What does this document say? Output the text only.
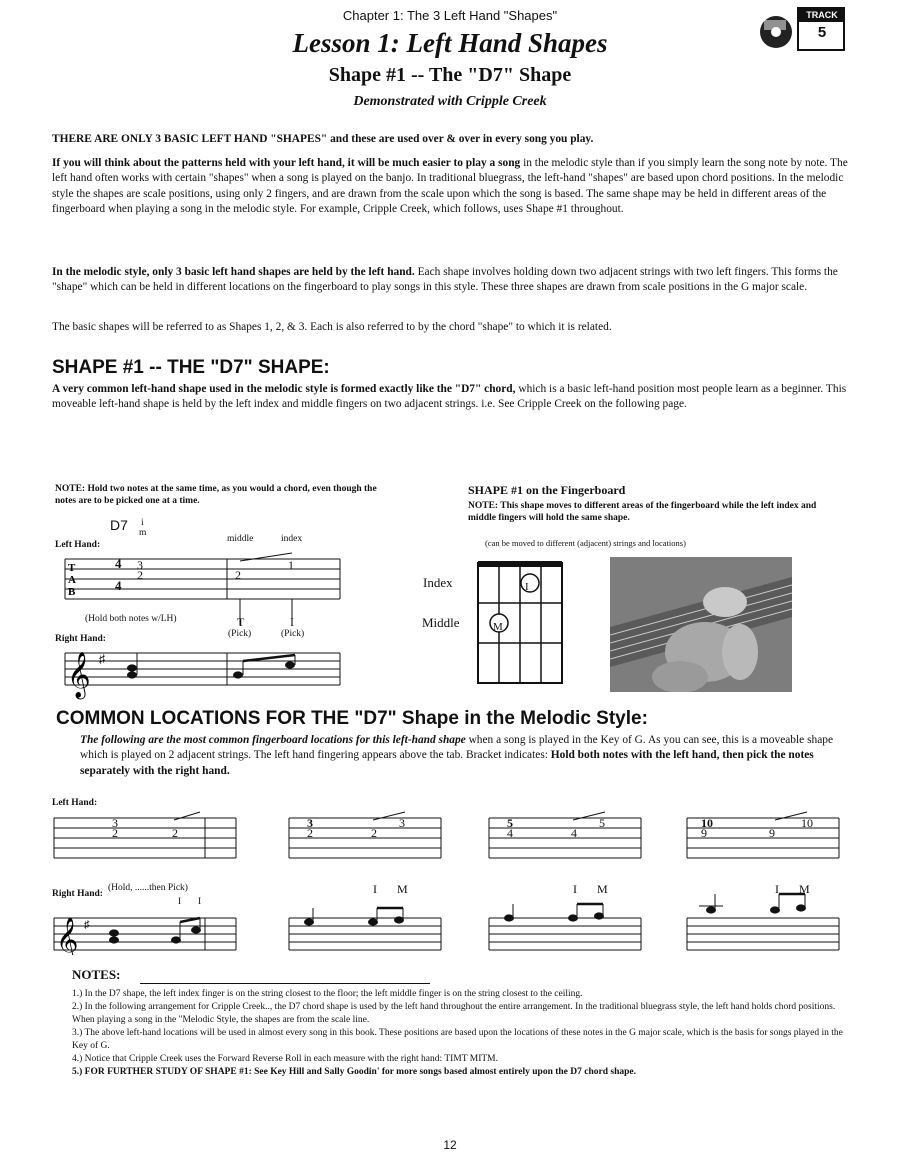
Chapter 1: The 3 Left Hand "Shapes"
Lesson 1: Left Hand Shapes
Shape #1 -- The "D7" Shape
Demonstrated with Cripple Creek
TRACK
5
THERE ARE ONLY 3 BASIC LEFT HAND "SHAPES" and these are used over & over in every song you play.
If you will think about the patterns held with your left hand, it will be much easier to play a song in the melodic style than if you simply learn the song note by note. The left hand often works with certain "shapes" when a song is played on the banjo. In traditional bluegrass, the left-hand "shapes" are based upon chord positions. In the melodic style the shapes are scale positions, using only 2 fingers, and are drawn from the scale upon which the song is based. The same shape may be held in different areas of the fingerboard when playing a song in the melodic style. For example, Cripple Creek, which follows, uses Shape #1 throughout.
In the melodic style, only 3 basic left hand shapes are held by the left hand. Each shape involves holding down two adjacent strings with two left fingers. This forms the "shape" which can be held in different locations on the fingerboard to play songs in this style. These three shapes are drawn from scale positions in the G major scale.
The basic shapes will be referred to as Shapes 1, 2, & 3. Each is also referred to by the chord "shape" to which it is related.
SHAPE #1 -- THE "D7" SHAPE:
A very common left-hand shape used in the melodic style is formed exactly like the "D7" chord, which is a basic left-hand position most people learn as a beginner. This moveable left-hand shape is held by the left index and middle fingers on two adjacent strings. i.e. See Cripple Creek on the following page.
NOTE: Hold two notes at the same time, as you would a chord, even though the notes are to be picked one at a time.
T
A
B
𝄞 ♯
Left Hand:
D7 i
m
middle	index
4
4
3
2	2
1
(Hold both notes w/LH)	T	I
(Pick)	(Pick)
Right Hand:
SHAPE #1 on the Fingerboard
NOTE: This shape moves to different areas of the fingerboard while the left index and middle fingers will hold the same shape.
(can be moved to different (adjacent) strings and locations)
Index
Middle
I
M
COMMON LOCATIONS FOR THE "D7" Shape in the Melodic Style:
The following are the most common fingerboard locations for this left-hand shape when a song is played in the Key of G. As you can see, this is a moveable shape which is played on 2 adjacent strings. The left hand fingering appears above the tab. Bracket indicates: Hold both notes with the left hand, then pick the notes separately with the right hand.
Left Hand:
Right Hand:
𝄞 ♯
3
2	2
(Hold, ......then Pick)
I I
3
2	2
3
I M
5
4	4
5
I M
10
9	9
10
I M
NOTES:
1.) In the D7 shape, the left index finger is on the string closest to the floor; the left middle finger is on the string closest to the ceiling.
2.) In the following arrangement for Cripple Creek.., the D7 chord shape is used by the left hand throughout the entire arrangement. In the traditional bluegrass style, the left hand holds chord positions. When playing a song in the "Melodic Style, the shapes are from the scale line.
3.) The above left-hand locations will be used in almost every song in this book. These positions are based upon the locations of these notes in the G major scale, which is the basis for songs played in the Key of G.
4.) Notice that Cripple Creek uses the Forward Reverse Roll in each measure with the right hand: TIMT MITM.
5.) FOR FURTHER STUDY OF SHAPE #1: See Key Hill and Sally Goodin' for more songs based almost entirely upon the D7 chord shape.
12
